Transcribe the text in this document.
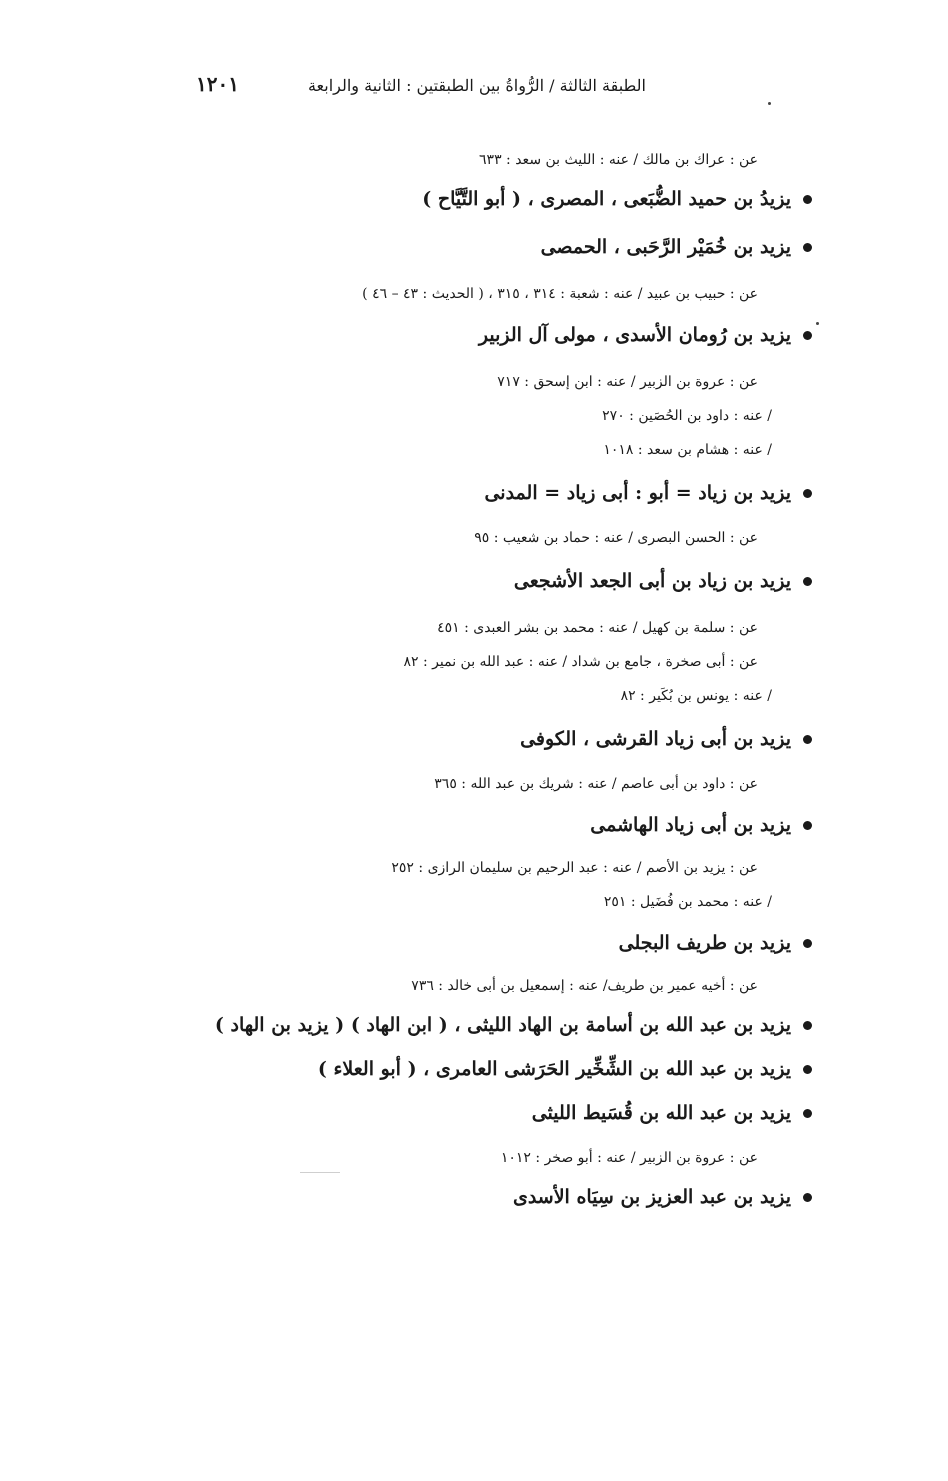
الطبقة الثالثة / الرُّواةُ بين الطبقتين : الثانية والرابعة
١٢٠١
عن : عراك بن مالك / عنه : الليث بن سعد : ٦٣٣
يزيدُ بن حميد الضُّبَعى ، المصرى ، ( أبو التَّيَّاح )
يزيد بن خُمَيْر الرَّحَبى ، الحمصى
عن : حبيب بن عبيد / عنه : شعبة : ٣١٤ ، ٣١٥ ، ( الحديث : ٤٣ – ٤٦ )
يزيد بن رُومان الأسدى ، مولى آل الزبير
عن : عروة بن الزبير / عنه : ابن إسحق : ٧١٧
/ عنه : داود بن الحُصَين : ٢٧٠
/ عنه : هشام بن سعد : ١٠١٨
يزيد بن زياد = أبو : أبى زياد = المدنى
عن : الحسن البصرى / عنه : حماد بن شعيب : ٩٥
يزيد بن زياد بن أبى الجعد الأشجعى
عن : سلمة بن كهيل / عنه : محمد بن بشر العبدى : ٤٥١
عن : أبى صخرة ، جامع بن شداد / عنه : عبد الله بن نمير : ٨٢
/ عنه : يونس بن بُكَير : ٨٢
يزيد بن أبى زياد القرشى ، الكوفى
عن : داود بن أبى عاصم / عنه : شريك بن عبد الله : ٣٦٥
يزيد بن أبى زياد الهاشمى
عن : يزيد بن الأصم / عنه : عبد الرحيم بن سليمان الرازى : ٢٥٢
/ عنه : محمد بن فُضَيل : ٢٥١
يزيد بن طريف البجلى
عن : أخيه عمير بن طريف/ عنه : إسمعيل بن أبى خالد : ٧٣٦
يزيد بن عبد الله بن أسامة بن الهاد الليثى ، ( ابن الهاد ) ( يزيد بن الهاد )
يزيد بن عبد الله بن الشِّخِّير الحَرَشى العامرى ، ( أبو العلاء )
يزيد بن عبد الله بن قُسَيط الليثى
عن : عروة بن الزبير / عنه : أبو صخر : ١٠١٢
يزيد بن عبد العزيز بن سِيَاه الأسدى
